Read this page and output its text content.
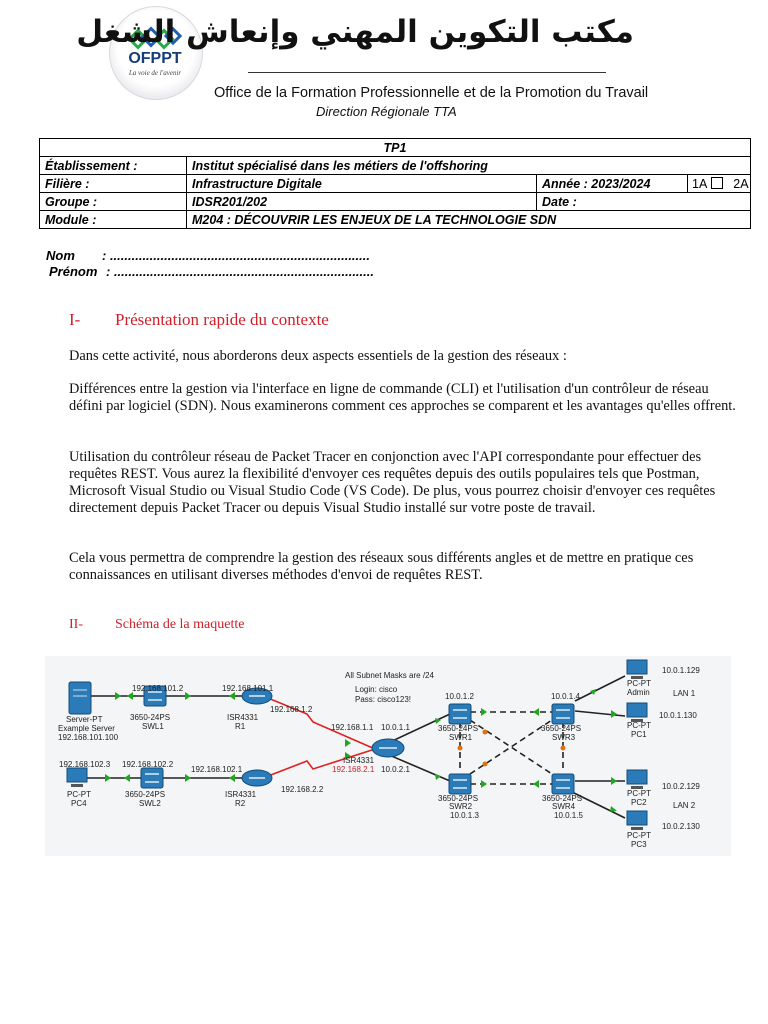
OFPPT
La voie de l'avenir
مكتب التكوين المهني وإنعاش الشغل
Office de la Formation Professionnelle et de la Promotion du Travail
Direction Régionale TTA
TP1			
Établissement :	Institut spécialisé dans les métiers de l'offshoring		
Filière :	Infrastructure Digitale	Année : 2023/2024	1A 2A
Groupe :	IDSR201/202	Date :	
Module :	M204 : DÉCOUVRIR LES ENJEUX DE LA TECHNOLOGIE SDN		
Nom : ........................................................................
Prénom : ........................................................................
I- Présentation rapide du contexte
Dans cette activité, nous aborderons deux aspects essentiels de la gestion des réseaux :
Différences entre la gestion via l'interface en ligne de commande (CLI) et l'utilisation d'un contrôleur de réseau défini par logiciel (SDN). Nous examinerons comment ces approches se comparent et les avantages qu'elles offrent.
Utilisation du contrôleur réseau de Packet Tracer en conjonction avec l'API correspondante pour effectuer des requêtes REST. Vous aurez la flexibilité d'envoyer ces requêtes depuis des outils populaires tels que Postman, Microsoft Visual Studio ou Visual Studio Code (VS Code). De plus, vous pourrez choisir d'envoyer ces requêtes directement depuis Packet Tracer ou depuis Visual Studio installé sur votre poste de travail.
Cela vous permettra de comprendre la gestion des réseaux sous différents angles et de mettre en pratique ces connaissances en utilisant diverses méthodes d'envoi de requêtes REST.
II- Schéma de la maquette
All Subnet Masks are /24
Login: cisco
Pass: cisco123!
Server-PT
Example Server
192.168.101.100
192.168.101.2
3650-24PS
SWL1
192.168.101.1
ISR4331
R1
192.168.1.2
192.168.102.3
PC-PT
PC4
192.168.102.2
3650-24PS
SWL2
192.168.102.1
ISR4331
R2
192.168.2.2
192.168.1.1 10.0.1.1
ISR4331
192.168.2.1 10.0.2.1
10.0.1.2
3650-24PS
SWR1
10.0.1.4
3650-24PS
SWR3
3650-24PS
SWR2
10.0.1.3
3650-24PS
SWR4
10.0.1.5
10.0.1.129
PC-PT
Admin	LAN 1
10.0.1.130
PC-PT
PC1
10.0.2.129
PC-PT
PC2	LAN 2
10.0.2.130
PC-PT
PC3
